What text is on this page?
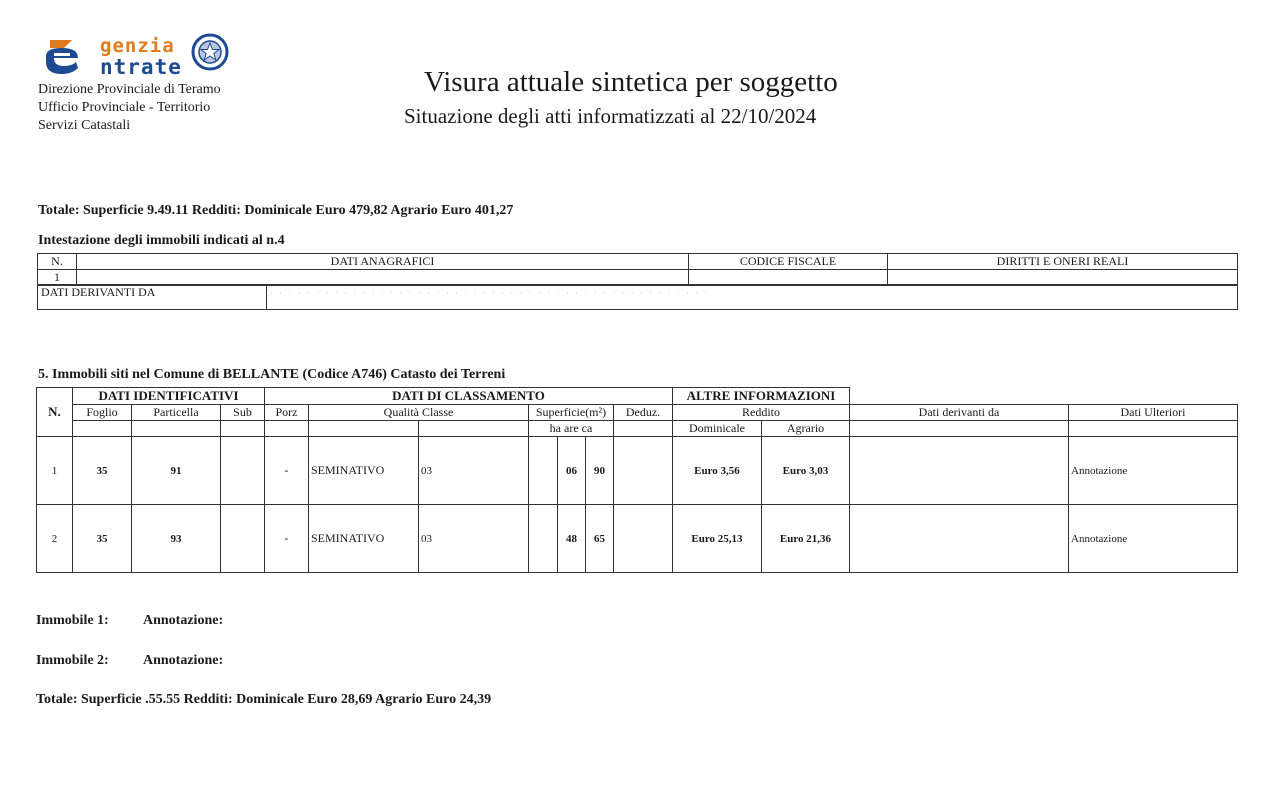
genzia
ntrate
Direzione Provinciale di Teramo
Ufficio Provinciale - Territorio
Servizi Catastali
Visura attuale sintetica per soggetto
Situazione degli atti informatizzati al 22/10/2024
Totale: Superficie 9.49.11 Redditi: Dominicale Euro 479,82 Agrario Euro 401,27
Intestazione degli immobili indicati al n.4
N.	DATI ANAGRAFICI	CODICE FISCALE	DIRITTI E ONERI REALI
1			
DATI DERIVANTI DA	· · · · · · · · · · · · · · · · · · · · · · · · · · · · · · · · · · · · · · · · · · · · · · · ·
5. Immobili siti nel Comune di BELLANTE (Codice A746) Catasto dei Terreni
N.	DATI IDENTIFICATIVI			DATI DI CLASSAMENTO							ALTRE INFORMAZIONI			
	Foglio	Particella	Sub	Porz	Qualità Classe		Superficie(m²)			Deduz.	Reddito		Dati derivanti da	Dati Ulteriori
							ha are ca				Dominicale	Agrario		
1	35	91		-	SEMINATIVO	03		06	90		Euro 3,56	Euro 3,03		Annotazione
2	35	93		-	SEMINATIVO	03		48	65		Euro 25,13	Euro 21,36		Annotazione
Immobile 1: Annotazione:
Immobile 2: Annotazione:
Totale: Superficie .55.55 Redditi: Dominicale Euro 28,69 Agrario Euro 24,39
